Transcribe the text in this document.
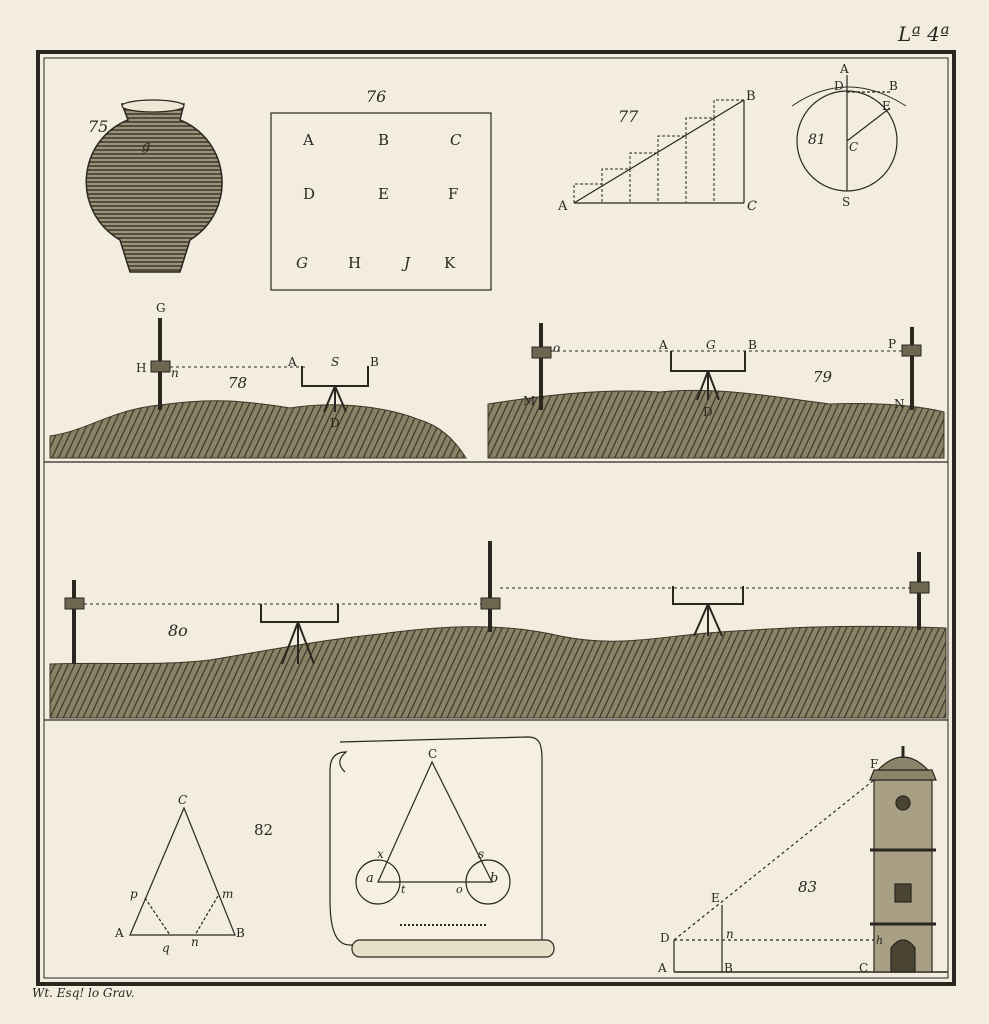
Lª 4ª
Wt. Esq! lo Grav.
75
g
76
A	B	C
D	E	F
G	H	J K
77
A
B
C
81
A
B
D
E
C
S
G
H n
A	S	B
D
78
o	A	G	B	P
M
D
N
79
8o
82
C
p	m
A
q n
B
C
x	s
a
t	o
b	83
F
E
D	n
A	B
h
C
